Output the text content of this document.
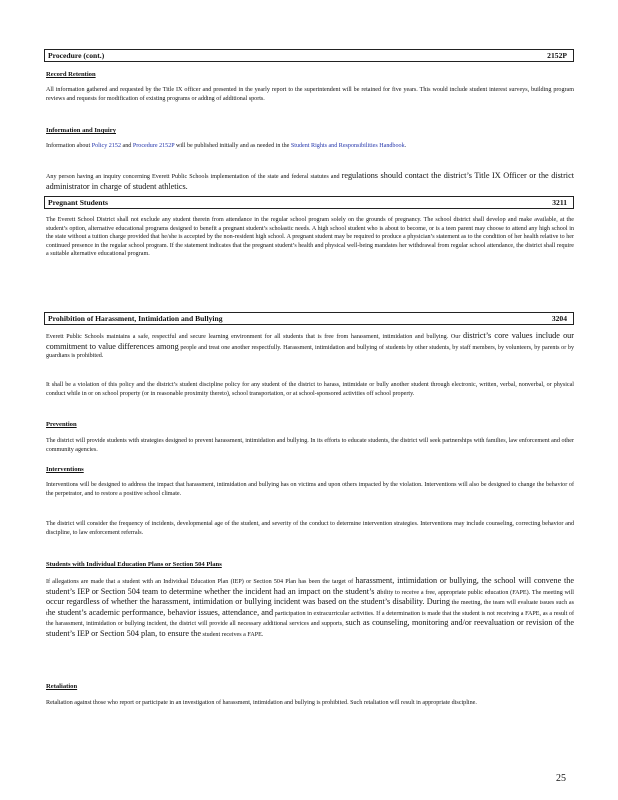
Procedure (cont.)	2152P
Record Retention

All information gathered and requested by the Title IX officer and presented in the yearly report to the superintendent will be retained for five years. This would include student interest surveys, building program reviews and requests for modification of existing programs or adding of additional sports.

Information and Inquiry

Information about Policy 2152 and Procedure 2152P will be published initially and as needed in the Student Rights and Responsibilities Handbook.

Any person having an inquiry concerning Everett Public Schools implementation of the state and federal statutes and regulations should contact the district’s Title IX Officer or the district administrator in charge of student athletics.

Pregnant Students	3211

The Everett School District shall not exclude any student therein from attendance in the regular school program solely on the grounds of pregnancy. The school district shall develop and make available, at the student’s option, alternative educational programs designed to benefit a pregnant student’s scholastic needs. A high school student who is about to become, or is a teen parent may choose to attend any high school in the state without a tuition charge provided that he/she is accepted by the non-resident high school. A pregnant student may be required to produce a physician’s statement as to the condition of her health relative to her continued presence in the regular school program. If the statement indicates that the pregnant student’s health and physical well-being mandates her withdrawal from regular school attendance, the district shall require a suitable alternative educational program.

Prohibition of Harassment, Intimidation and Bullying	3204

Everett Public Schools maintains a safe, respectful and secure learning environment for all students that is free from harassment, intimidation and bullying. Our district’s core values include our commitment to value differences among people and treat one another respectfully. Harassment, intimidation and bullying of students by other students, by staff members, by volunteers, by parents or by guardians is prohibited.

It shall be a violation of this policy and the district’s student discipline policy for any student of the district to harass, intimidate or bully another student through electronic, written, verbal, nonverbal, or physical conduct while in or on school property (or in reasonable proximity thereto), school transportation, or at school-sponsored activities off school property.

Prevention

The district will provide students with strategies designed to prevent harassment, intimidation and bullying. In its efforts to educate students, the district will seek partnerships with families, law enforcement and other community agencies.

Interventions

Interventions will be designed to address the impact that harassment, intimidation and bullying has on victims and upon others impacted by the violation. Interventions will also be designed to change the behavior of the perpetrator, and to restore a positive school climate.

The district will consider the frequency of incidents, developmental age of the student, and severity of the conduct to determine intervention strategies. Interventions may include counseling, correcting behavior and discipline, to law enforcement referrals.

Students with Individual Education Plans or Section 504 Plans

If allegations are made that a student with an Individual Education Plan (IEP) or Section 504 Plan has been the target of harassment, intimidation or bullying, the school will convene the student’s IEP or Section 504 team to determine whether the incident had an impact on the student’s ability to receive a free, appropriate public education (FAPE). The meeting will occur regardless of whether the harassment, intimidation or bullying incident was based on the student’s disability. During the meeting, the team will evaluate issues such as the student’s academic performance, behavior issues, attendance, and participation in extracurricular activities. If a determination is made that the student is not receiving a FAPE, as a result of the harassment, intimidation or bullying incident, the district will provide all necessary additional services and supports, such as counseling, monitoring and/or reevaluation or revision of the student’s IEP or Section 504 plan, to ensure the student receives a FAPE.

Retaliation

Retaliation against those who report or participate in an investigation of harassment, intimidation and bullying is prohibited. Such retaliation will result in appropriate discipline.

25
